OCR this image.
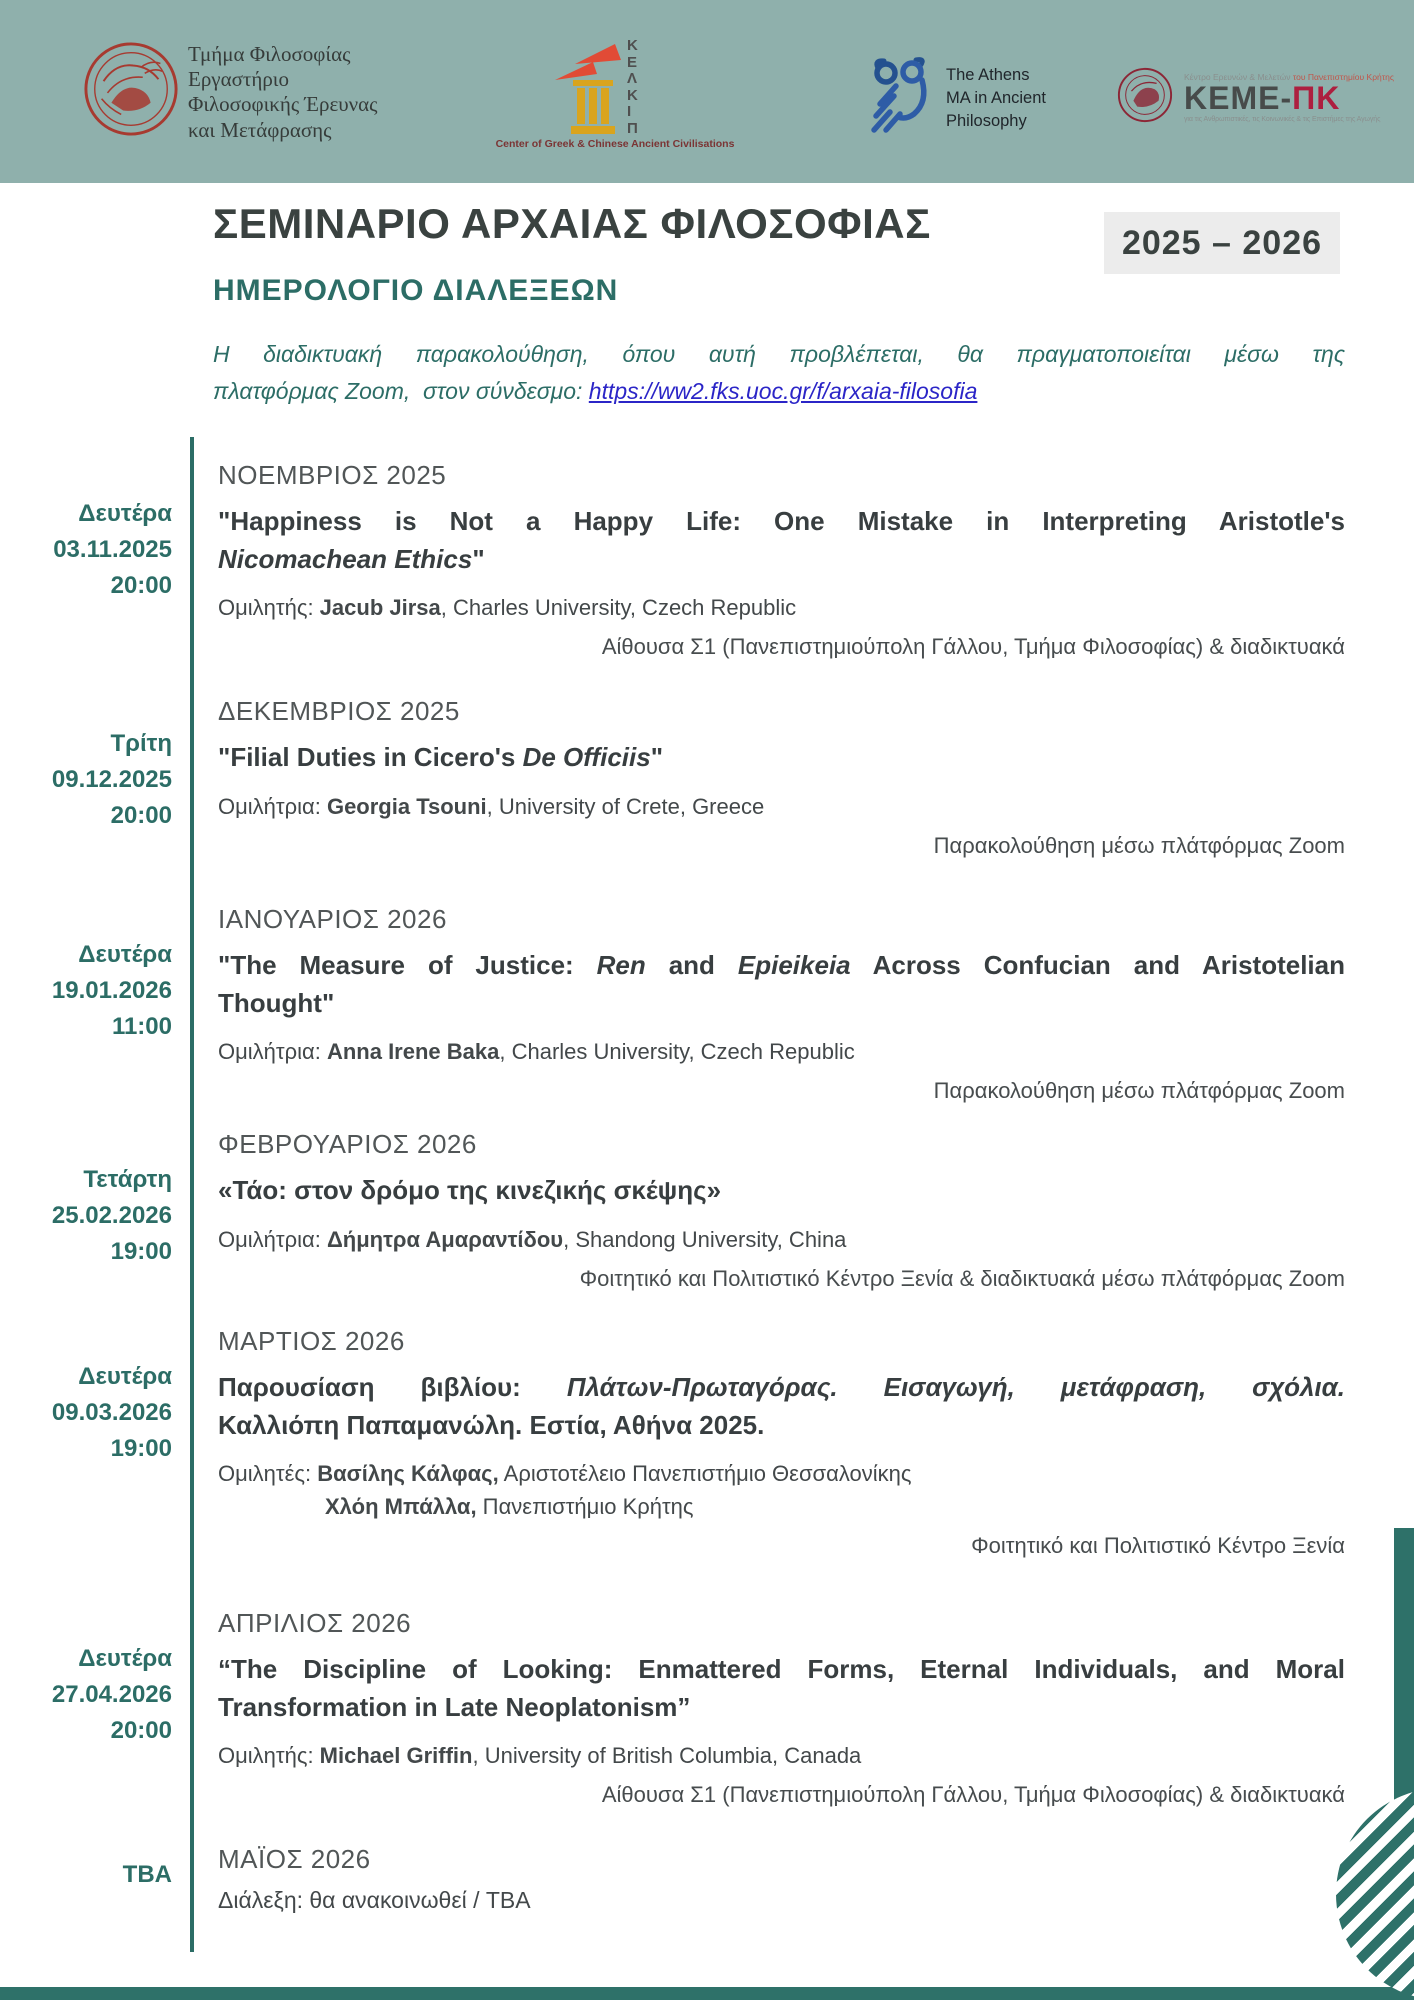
Τμήμα Φιλοσοφίας
Εργαστήριο
Φιλοσοφικής Έρευνας
και Μετάφρασης
Κ
Ε
Λ
Κ
Ι
Π
Center of Greek & Chinese Ancient Civilisations
The Athens
MA in Ancient
Philosophy
Κέντρο Ερευνών & Μελετών του Πανεπιστημίου Κρήτης
KEME-ΠΚ
για τις Ανθρωπιστικές, τις Κοινωνικές & τις Επιστήμες της Αγωγής
ΣΕΜΙΝΑΡΙΟ ΑΡΧΑΙΑΣ ΦΙΛΟΣΟΦΙΑΣ	2025 – 2026
ΗΜΕΡΟΛΟΓΙΟ ΔΙΑΛΕΞΕΩΝ
Η διαδικτυακή παρακολούθηση, όπου αυτή προβλέπεται, θα πραγματοποιείται μέσω της
πλατφόρμας Zoom,  στον σύνδεσμο: https://ww2.fks.uoc.gr/f/arxaia-filosofia
Δευτέρα
03.11.2025
20:00
Τρίτη
09.12.2025
20:00
Δευτέρα
19.01.2026
11:00
Τετάρτη
25.02.2026
19:00
Δευτέρα
09.03.2026
19:00
Δευτέρα
27.04.2026
20:00
TBA
ΝΟΕΜΒΡΙΟΣ 2025
"Happiness is Not a Happy Life: One Mistake in Interpreting Aristotle's
Nicomachean Ethics"
Ομιλητής: Jacub Jirsa, Charles University, Czech Republic
Αίθουσα Σ1 (Πανεπιστημιούπολη Γάλλου, Τμήμα Φιλοσοφίας) & διαδικτυακά
ΔΕΚΕΜΒΡΙΟΣ 2025
"Filial Duties in Cicero's De Officiis"
Ομιλήτρια: Georgia Tsouni, University of Crete, Greece
Παρακολούθηση μέσω πλάτφόρμας Zoom
ΙΑΝΟΥΑΡΙΟΣ 2026
"The Measure of Justice: Ren and Epieikeia Across Confucian and Aristotelian
Thought"
Ομιλήτρια: Anna Irene Baka, Charles University, Czech Republic
Παρακολούθηση μέσω πλάτφόρμας Zoom
ΦΕΒΡΟΥΑΡΙΟΣ 2026
«Τάο: στον δρόμο της κινεζικής σκέψης»
Ομιλήτρια: Δήμητρα Αμαραντίδου, Shandong University, China
Φοιτητικό και Πολιτιστικό Κέντρο Ξενία & διαδικτυακά μέσω πλάτφόρμας Zoom
ΜΑΡΤΙΟΣ 2026
Παρουσίαση βιβλίου: Πλάτων-Πρωταγόρας. Εισαγωγή, μετάφραση, σχόλια.
Καλλιόπη Παπαμανώλη. Εστία, Αθήνα 2025.
Ομιλητές: Βασίλης Κάλφας, Αριστοτέλειο Πανεπιστήμιο Θεσσαλονίκης
Χλόη Μπάλλα, Πανεπιστήμιο Κρήτης
Φοιτητικό και Πολιτιστικό Κέντρο Ξενία
ΑΠΡΙΛΙΟΣ 2026
“The Discipline of Looking: Enmattered Forms, Eternal Individuals, and Moral
Transformation in Late Neoplatonism”
Ομιλητής: Michael Griffin, University of British Columbia, Canada
Αίθουσα Σ1 (Πανεπιστημιούπολη Γάλλου, Τμήμα Φιλοσοφίας) & διαδικτυακά
ΜΑΪΟΣ 2026
Διάλεξη: θα ανακοινωθεί / TBA
